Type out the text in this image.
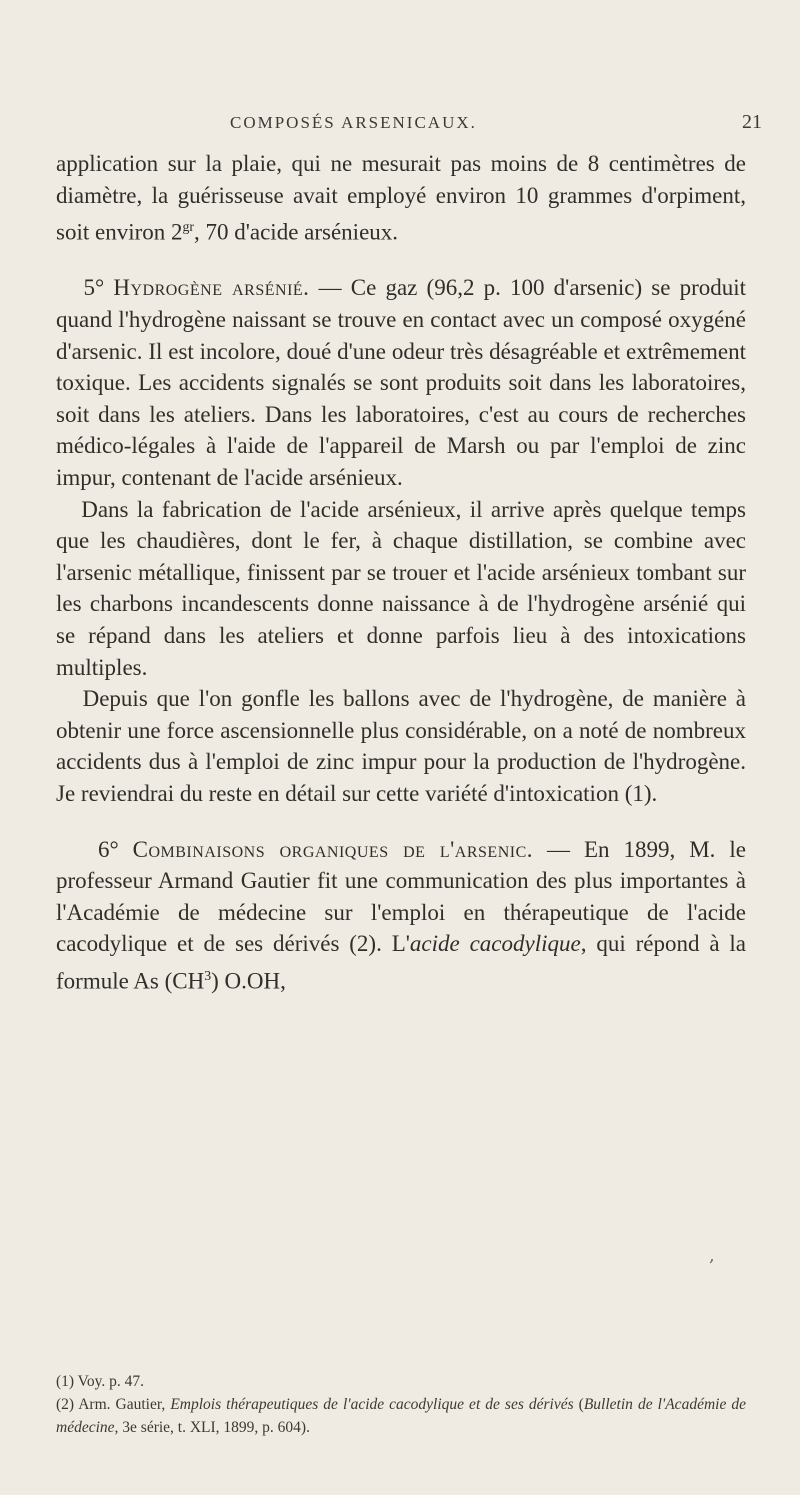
COMPOSÉS ARSENICAUX.	21

application sur la plaie, qui ne mesurait pas moins de 8 centimètres de diamètre, la guérisseuse avait employé environ 10 grammes d'orpiment, soit environ $2^{gr}$, 70 d'acide arsénieux.

5° Hydrogène arsénié. — Ce gaz (96,2 p. 100 d'arsenic) se produit quand l'hydrogène naissant se trouve en contact avec un composé oxygéné d'arsenic. Il est incolore, doué d'une odeur très désagréable et extrêmement toxique. Les accidents signalés se sont produits soit dans les laboratoires, soit dans les ateliers. Dans les laboratoires, c'est au cours de recherches médico-légales à l'aide de l'appareil de Marsh ou par l'emploi de zinc impur, contenant de l'acide arsénieux.

Dans la fabrication de l'acide arsénieux, il arrive après quelque temps que les chaudières, dont le fer, à chaque distillation, se combine avec l'arsenic métallique, finissent par se trouer et l'acide arsénieux tombant sur les charbons incandescents donne naissance à de l'hydrogène arsénié qui se répand dans les ateliers et donne parfois lieu à des intoxications multiples.

Depuis que l'on gonfle les ballons avec de l'hydrogène, de manière à obtenir une force ascensionnelle plus considérable, on a noté de nombreux accidents dus à l'emploi de zinc impur pour la production de l'hydrogène. Je reviendrai du reste en détail sur cette variété d'intoxication (1).

6° Combinaisons organiques de l'arsenic. — En 1899, M. le professeur Armand Gautier fit une communication des plus importantes à l'Académie de médecine sur l'emploi en thérapeutique de l'acide cacodylique et de ses dérivés (2). L'acide cacodylique, qui répond à la formule As $(CH^3)$ O.OH,

,

(1) Voy. p. 47.

(2) Arm. Gautier, Emplois thérapeutiques de l'acide cacodylique et de ses dérivés (Bulletin de l'Académie de médecine, 3e série, t. XLI, 1899, p. 604).
